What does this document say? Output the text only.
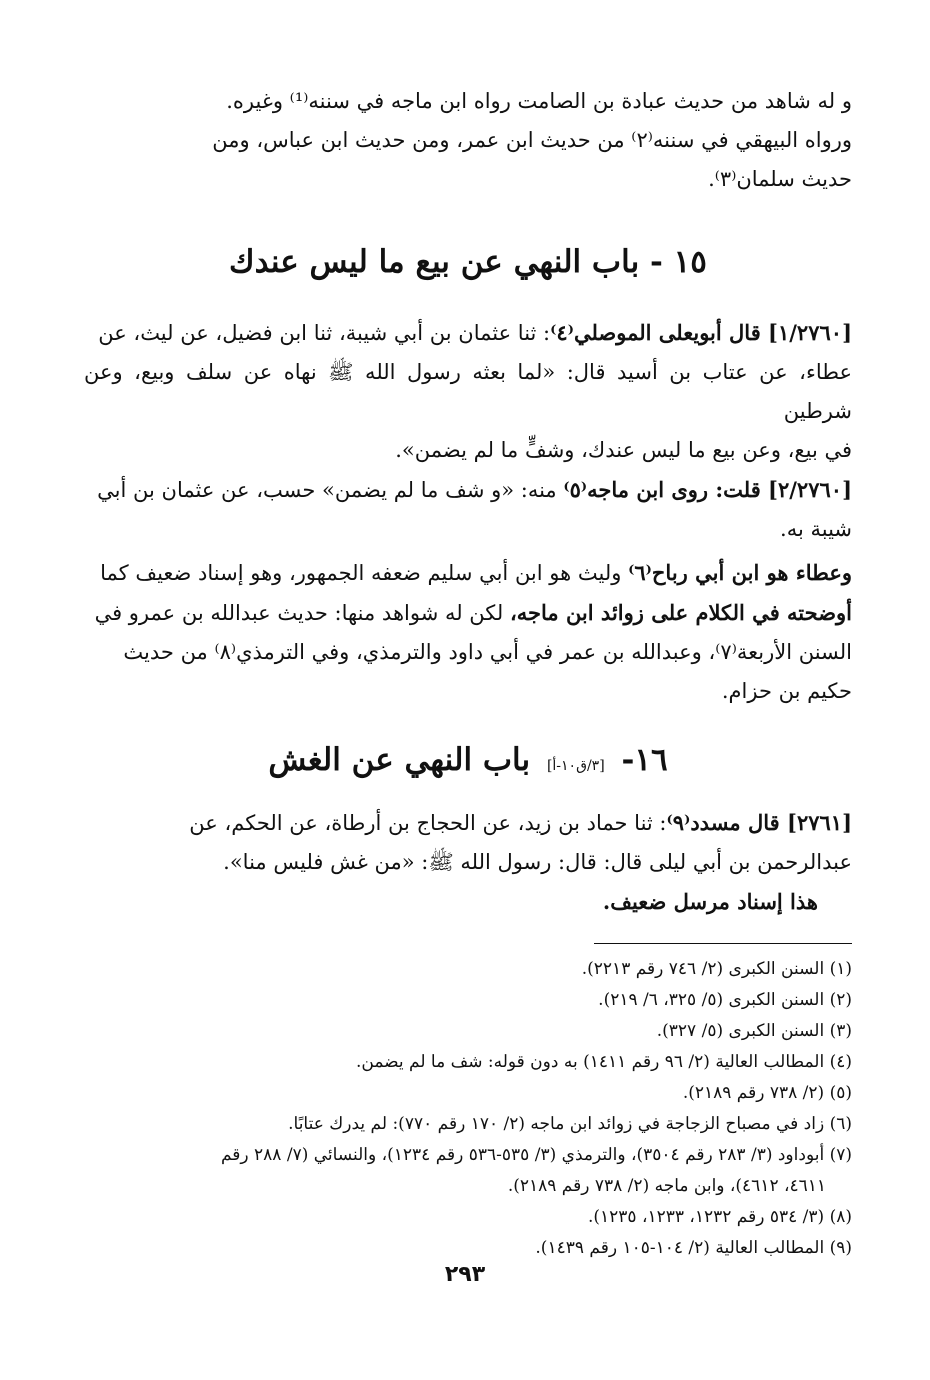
و له شاهد من حديث عبادة بن الصامت رواه ابن ماجه في سننه⁽¹⁾ وغيره.
ورواه البيهقي في سننه⁽٢⁾ من حديث ابن عمر، ومن حديث ابن عباس، ومن
حديث سلمان⁽٣⁾.

١٥ - باب النهي عن بيع ما ليس عندك

[١/٢٧٦٠] قال أبويعلى الموصلي⁽٤⁾: ثنا عثمان بن أبي شيبة، ثنا ابن فضيل، عن ليث، عن
عطاء، عن عتاب بن أسيد قال: «لما بعثه رسول الله ﷺ نهاه عن سلف وبيع، وعن شرطين
في بيع، وعن بيع ما ليس عندك، وشفٍّ ما لم يضمن».

[٢/٢٧٦٠] قلت: روى ابن ماجه⁽٥⁾ منه: «و شف ما لم يضمن» حسب، عن عثمان بن أبي
شيبة به.

وعطاء هو ابن أبي رباح⁽٦⁾ وليث هو ابن أبي سليم ضعفه الجمهور، وهو إسناد ضعيف كما
أوضحته في الكلام على زوائد ابن ماجه، لكن له شواهد منها: حديث عبدالله بن عمرو في
السنن الأربعة⁽٧⁾، وعبدالله بن عمر في أبي داود والترمذي، وفي الترمذي⁽٨⁾ من حديث
حكيم بن حزام.

١٦- [٣/ق١٠-أ] باب النهي عن الغش

[٢٧٦١] قال مسدد⁽٩⁾: ثنا حماد بن زيد، عن الحجاج بن أرطاة، عن الحكم، عن
عبدالرحمن بن أبي ليلى قال: قال: رسول الله ﷺ: «من غش فليس منا».
هذا إسناد مرسل ضعيف.

(١) السنن الكبرى (٢/ ٧٤٦ رقم ٢٢١٣).

(٢) السنن الكبرى (٥/ ٣٢٥، ٦/ ٢١٩).

(٣) السنن الكبرى (٥/ ٣٢٧).

(٤) المطالب العالية (٢/ ٩٦ رقم ١٤١١) به دون قوله: شف ما لم يضمن.

(٥) (٢/ ٧٣٨ رقم ٢١٨٩).

(٦) زاد في مصباح الزجاجة في زوائد ابن ماجه (٢/ ١٧٠ رقم ٧٧٠): لم يدرك عتابًا.

(٧) أبوداود (٣/ ٢٨٣ رقم ٣٥٠٤)، والترمذي (٣/ ٥٣٥-٥٣٦ رقم ١٢٣٤)، والنسائي (٧/ ٢٨٨ رقم
٤٦١١، ٤٦١٢)، وابن ماجه (٢/ ٧٣٨ رقم ٢١٨٩).

(٨) (٣/ ٥٣٤ رقم ١٢٣٢، ١٢٣٣، ١٢٣٥).

(٩) المطالب العالية (٢/ ١٠٤-١٠٥ رقم ١٤٣٩).

٢٩٣
